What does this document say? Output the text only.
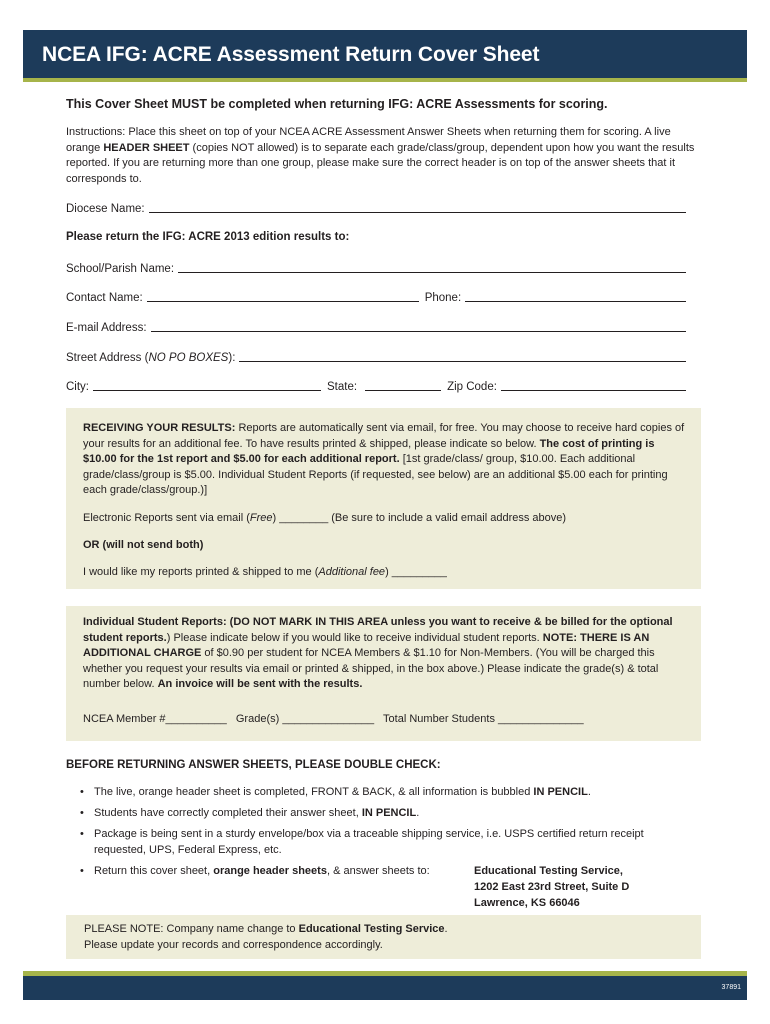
NCEA IFG: ACRE Assessment Return Cover Sheet
This Cover Sheet MUST be completed when returning IFG: ACRE Assessments for scoring.
Instructions: Place this sheet on top of your NCEA ACRE Assessment Answer Sheets when returning them for scoring. A live orange HEADER SHEET (copies NOT allowed) is to separate each grade/class/group, dependent upon how you want the results reported. If you are returning more than one group, please make sure the correct header is on top of the answer sheets that it corresponds to.
Diocese Name:
Please return the IFG: ACRE 2013 edition results to:
School/Parish Name:
Contact Name:	Phone:
E-mail Address:
Street Address (NO PO BOXES):
City:	State:	Zip Code:

RECEIVING YOUR RESULTS: Reports are automatically sent via email, for free. You may choose to receive hard copies of your results for an additional fee. To have results printed & shipped, please indicate so below. The cost of printing is $10.00 for the 1st report and $5.00 for each additional report. [1st grade/class/ group, $10.00. Each additional grade/class/group is $5.00. Individual Student Reports (if requested, see below) are an additional $5.00 each for printing each grade/class/group.)]

Electronic Reports sent via email (Free) ________ (Be sure to include a valid email address above)

OR (will not send both)

I would like my reports printed & shipped to me (Additional fee) _________

Individual Student Reports: (DO NOT MARK IN THIS AREA unless you want to receive & be billed for the optional student reports.) Please indicate below if you would like to receive individual student reports. NOTE: THERE IS AN ADDITIONAL CHARGE of $0.90 per student for NCEA Members & $1.10 for Non-Members. (You will be charged this whether you request your results via email or printed & shipped, in the box above.) Please indicate the grade(s) & total number below. An invoice will be sent with the results.

NCEA Member #__________   Grade(s) _______________   Total Number Students ______________

BEFORE RETURNING ANSWER SHEETS, PLEASE DOUBLE CHECK:
• The live, orange header sheet is completed, FRONT & BACK, & all information is bubbled IN PENCIL.
• Students have correctly completed their answer sheet, IN PENCIL.
• Package is being sent in a sturdy envelope/box via a traceable shipping service, i.e. USPS certified return receipt requested, UPS, Federal Express, etc.
• Return this cover sheet, orange header sheets, & answer sheets to:	Educational Testing Service,
1202 East 23rd Street, Suite D
Lawrence, KS 66046

PLEASE NOTE: Company name change to Educational Testing Service.
Please update your records and correspondence accordingly.

37891
